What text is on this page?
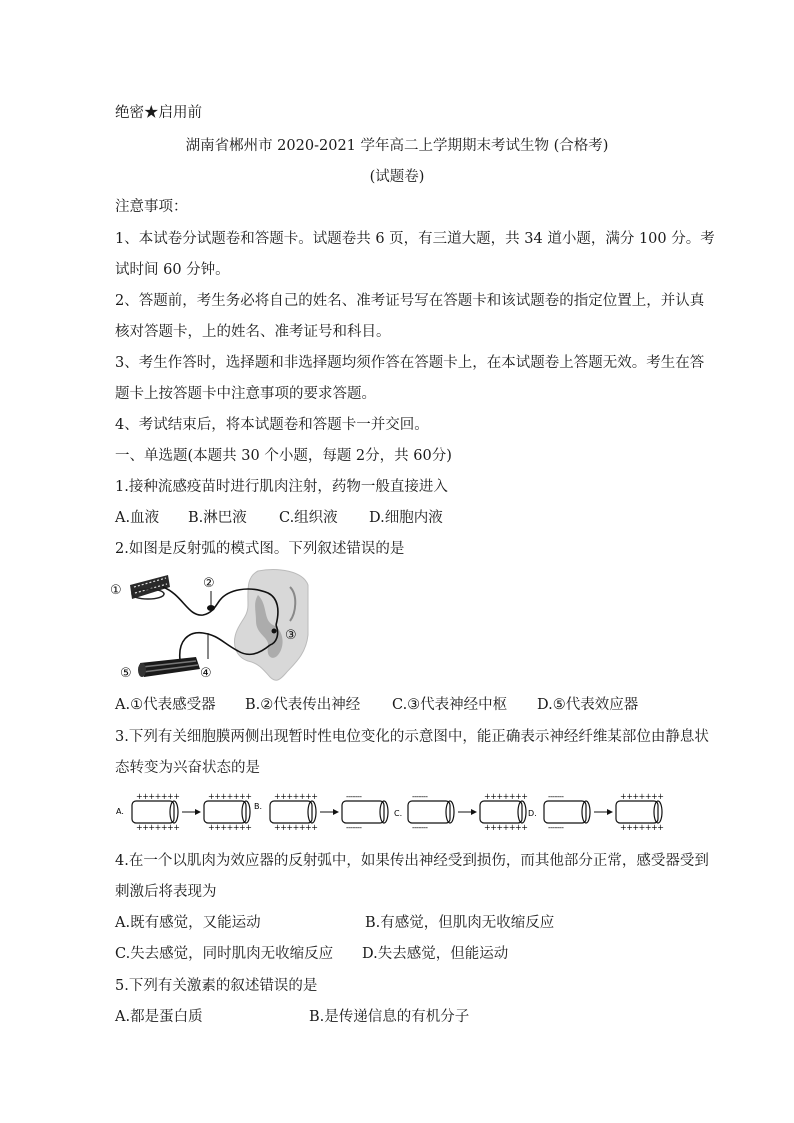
绝密★启用前
湖南省郴州市 2020-2021 学年高二上学期期末考试生物 (合格考)
(试题卷)
注意事项：
1、本试卷分试题卷和答题卡。试题卷共 6 页，有三道大题，共 34 道小题，满分 100 分。考
试时间 60 分钟。
2、答题前，考生务必将自己的姓名、准考证号写在答题卡和该试题卷的指定位置上，并认真
核对答题卡，上的姓名、准考证号和科目。
3、考生作答时，选择题和非选择题均须作答在答题卡上，在本试题卷上答题无效。考生在答
题卡上按答题卡中注意事项的要求答题。
4、考试结束后，将本试题卷和答题卡一并交回。
一、单选题(本题共 30 个小题，每题 2分，共 60分)
1.接种流感疫苗时进行肌肉注射，药物一般直接进入
A.血液 B.淋巴液 C.组织液 D.细胞内液
2.如图是反射弧的模式图。下列叙述错误的是
①	②
③
④
⑤
A.①代表感受器 B.②代表传出神经 C.③代表神经中枢 D.⑤代表效应器
3.下列有关细胞膜两侧出现暂时性电位变化的示意图中，能正确表示神经纤维某部位由静息状
态转变为兴奋状态的是
A.
+++++++
+++++++
+++++++
+++++++
B.
+++++++
+++++++
-------
-------
C.
-------
-------
+++++++
+++++++
D.
-------
-------
+++++++
+++++++
4.在一个以肌肉为效应器的反射弧中，如果传出神经受到损伤，而其他部分正常，感受器受到
刺激后将表现为
A.既有感觉，又能运动	B.有感觉，但肌肉无收缩反应
C.失去感觉，同时肌肉无收缩反应 D.失去感觉，但能运动
5.下列有关激素的叙述错误的是
A.都是蛋白质	B.是传递信息的有机分子
